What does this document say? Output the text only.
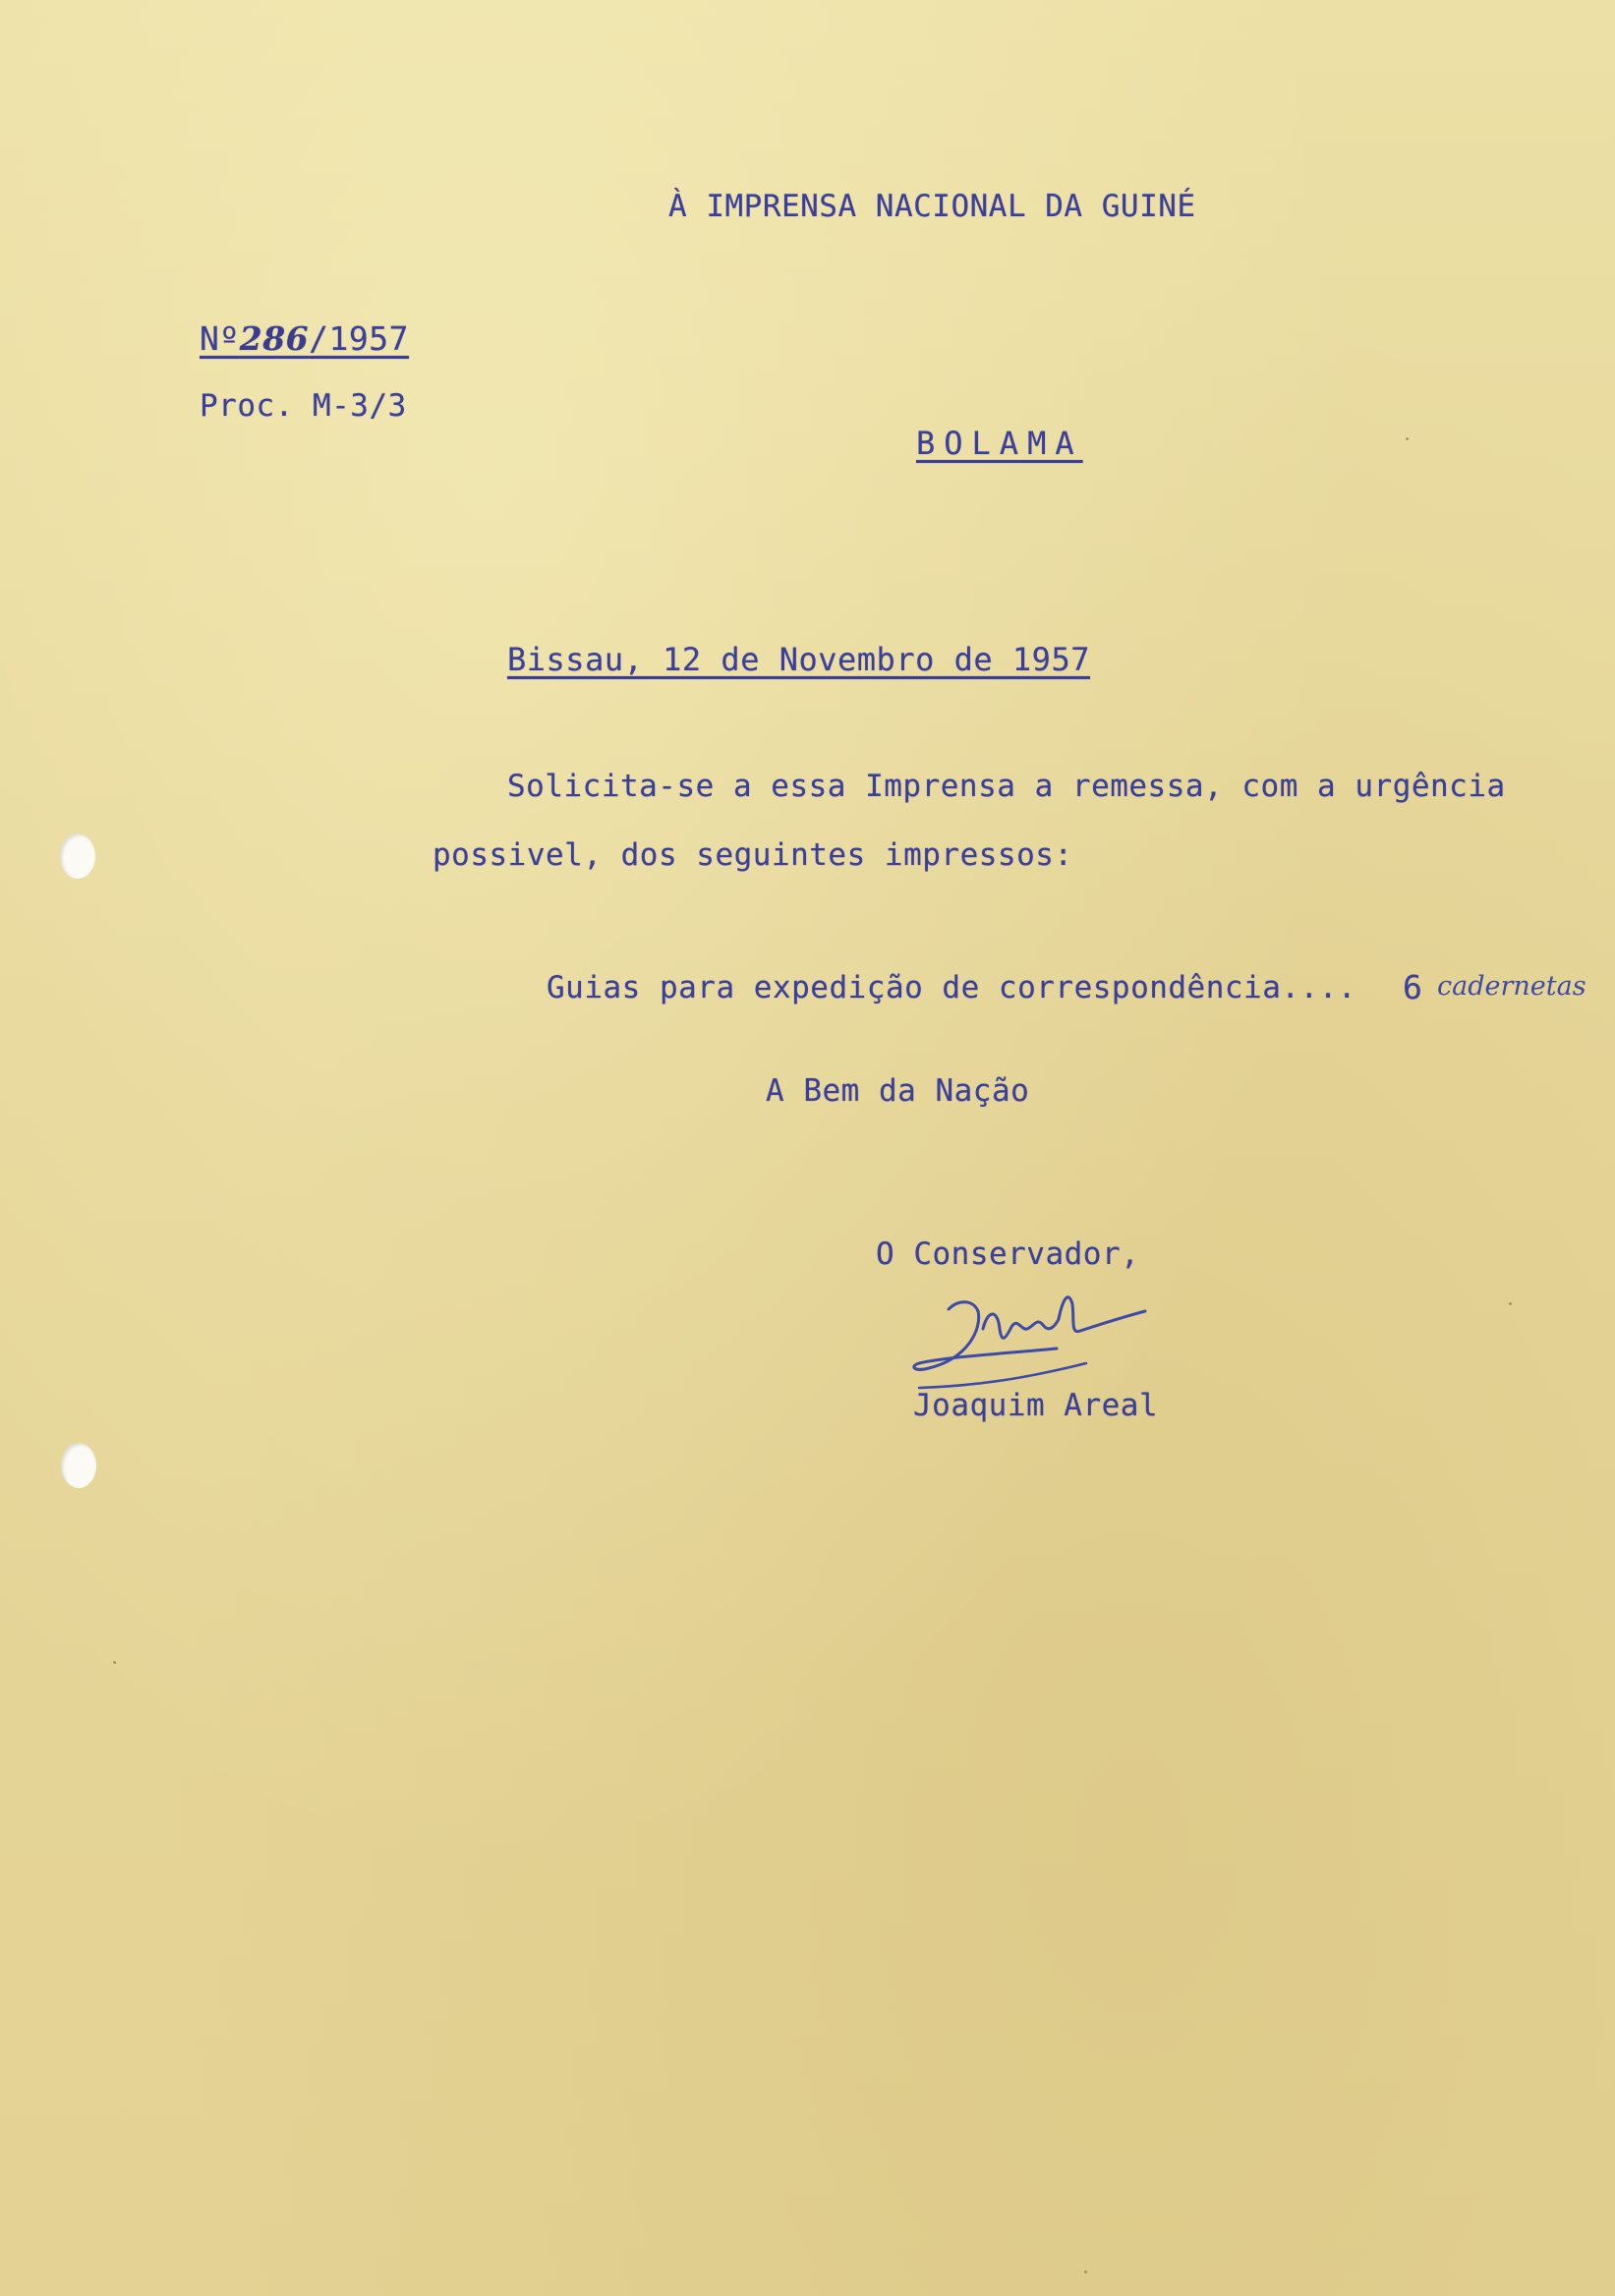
À IMPRENSA NACIONAL DA GUINÉ
Nº286/1957
Proc. M-3/3
BOLAMA
Bissau, 12 de Novembro de 1957
Solicita-se a essa Imprensa a remessa, com a urgência
possivel, dos seguintes impressos:
Guias para expedição de correspondência.... 6 cadernetas
A Bem da Nação
O Conservador,
Joaquim Areal
